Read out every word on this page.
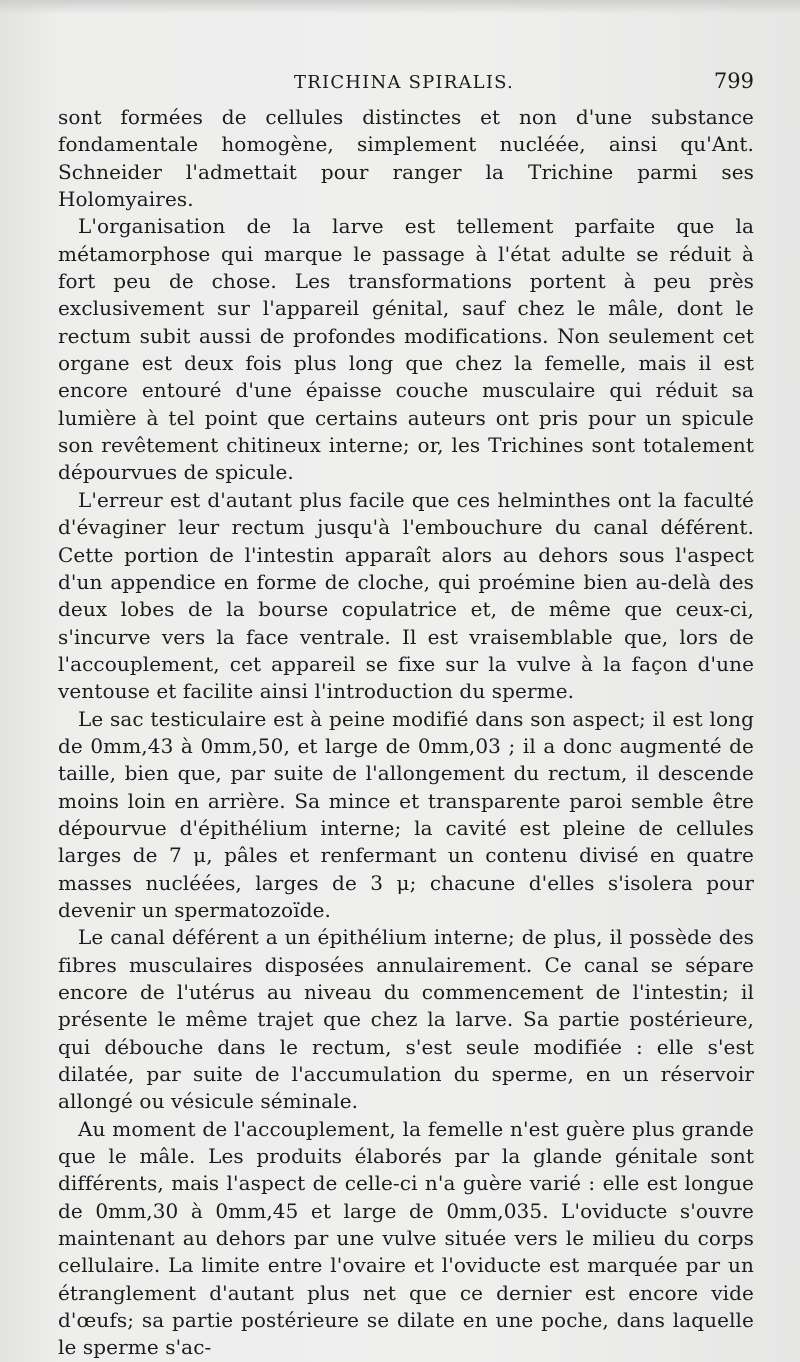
TRICHINA SPIRALIS.	799

sont formées de cellules distinctes et non d'une substance fondamentale homogène, simplement nucléée, ainsi qu'Ant. Schneider l'admettait pour ranger la Trichine parmi ses Holomyaires.

L'organisation de la larve est tellement parfaite que la métamorphose qui marque le passage à l'état adulte se réduit à fort peu de chose. Les transformations portent à peu près exclusivement sur l'appareil génital, sauf chez le mâle, dont le rectum subit aussi de profondes modifications. Non seulement cet organe est deux fois plus long que chez la femelle, mais il est encore entouré d'une épaisse couche musculaire qui réduit sa lumière à tel point que certains auteurs ont pris pour un spicule son revêtement chitineux interne; or, les Trichines sont totalement dépourvues de spicule.

L'erreur est d'autant plus facile que ces helminthes ont la faculté d'évaginer leur rectum jusqu'à l'embouchure du canal déférent. Cette portion de l'intestin apparaît alors au dehors sous l'aspect d'un appendice en forme de cloche, qui proémine bien au-delà des deux lobes de la bourse copulatrice et, de même que ceux-ci, s'incurve vers la face ventrale. Il est vraisemblable que, lors de l'accouplement, cet appareil se fixe sur la vulve à la façon d'une ventouse et facilite ainsi l'introduction du sperme.

Le sac testiculaire est à peine modifié dans son aspect; il est long de 0mm,43 à 0mm,50, et large de 0mm,03 ; il a donc augmenté de taille, bien que, par suite de l'allongement du rectum, il descende moins loin en arrière. Sa mince et transparente paroi semble être dépourvue d'épithélium interne; la cavité est pleine de cellules larges de 7 μ, pâles et renfermant un contenu divisé en quatre masses nucléées, larges de 3 μ; chacune d'elles s'isolera pour devenir un spermatozoïde.

Le canal déférent a un épithélium interne; de plus, il possède des fibres musculaires disposées annulairement. Ce canal se sépare encore de l'utérus au niveau du commencement de l'intestin; il présente le même trajet que chez la larve. Sa partie postérieure, qui débouche dans le rectum, s'est seule modifiée : elle s'est dilatée, par suite de l'accumulation du sperme, en un réservoir allongé ou vésicule séminale.

Au moment de l'accouplement, la femelle n'est guère plus grande que le mâle. Les produits élaborés par la glande génitale sont différents, mais l'aspect de celle-ci n'a guère varié : elle est longue de 0mm,30 à 0mm,45 et large de 0mm,035. L'oviducte s'ouvre maintenant au dehors par une vulve située vers le milieu du corps cellulaire. La limite entre l'ovaire et l'oviducte est marquée par un étranglement d'autant plus net que ce dernier est encore vide d'œufs; sa partie postérieure se dilate en une poche, dans laquelle le sperme s'ac-
